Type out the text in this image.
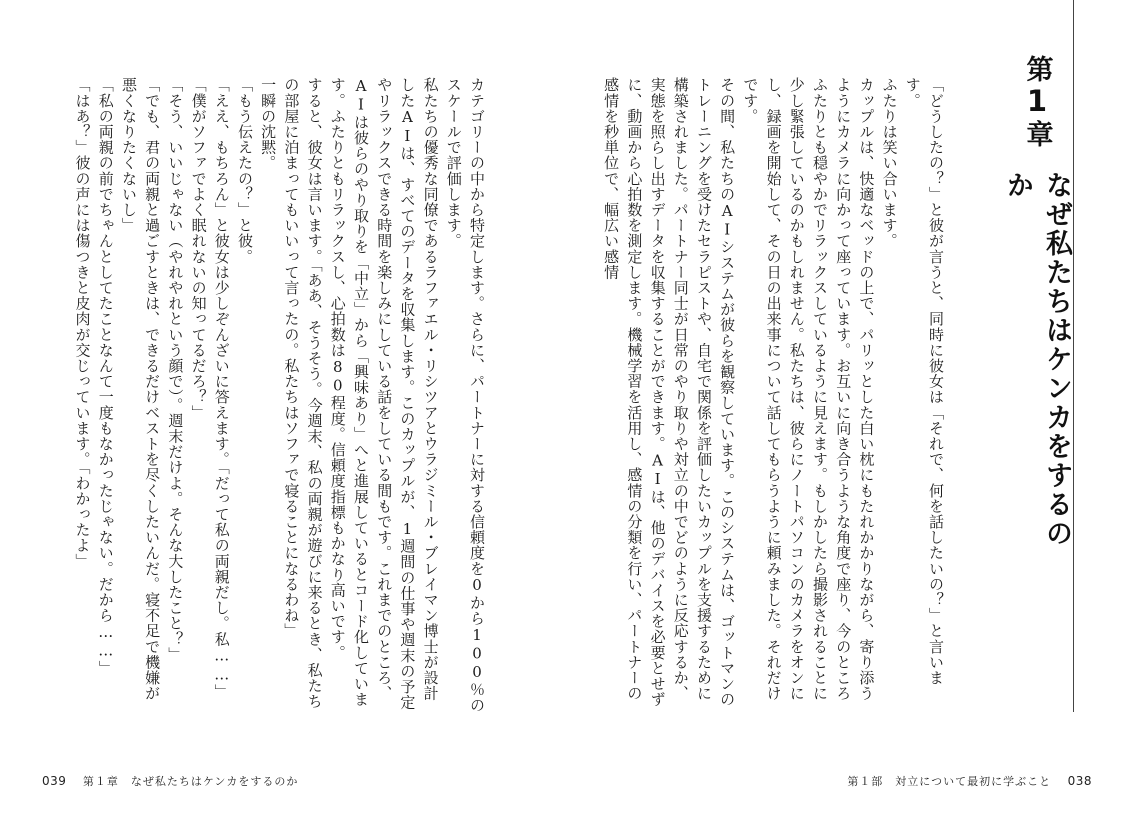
カテゴリーの中から特定します。さらに、パートナーに対する信頼度を0から100％のスケールで評価します。

私たちの優秀な同僚であるラファエル・リシツアとウラジミール・ブレイマン博士が設計したAIは、すべてのデータを収集します。このカップルが、1週間の仕事や週末の予定やリラックスできる時間を楽しみにしている話をしている間もです。これまでのところ、AIは彼らのやり取りを「中立」から「興味あり」へと進展しているとコード化しています。ふたりともリラックスし、心拍数は80程度。信頼度指標もかなり高いです。

すると、彼女は言います。「ああ、そうそう。今週末、私の両親が遊びに来るとき、私たちの部屋に泊まってもいいって言ったの。私たちはソファで寝ることになるわね」

一瞬の沈黙。

「もう伝えたの？」と彼。

「ええ、もちろん」と彼女は少しぞんざいに答えます。「だって私の両親だし。私……」

「僕がソファでよく眠れないの知ってるだろ？」

「そう、いいじゃない（やれやれという顔で）。週末だけよ。そんな大したこと？」

「でも、君の両親と過ごすときは、できるだけベストを尽くしたいんだ。寝不足で機嫌が悪くなりたくないし」

「私の両親の前でちゃんとしてたことなんて一度もなかったじゃない。だから……」

「はあ？」彼の声には傷つきと皮肉が交じっています。「わかったよ」

039 第１章　なぜ私たちはケンカをするのか

「どうしたの？」と彼が言うと、同時に彼女は「それで、何を話したいの？」と言います。

ふたりは笑い合います。

カップルは、快適なベッドの上で、パリッとした白い枕にもたれかかりながら、寄り添うようにカメラに向かって座っています。お互いに向き合うような角度で座り、今のところふたりとも穏やかでリラックスしているように見えます。もしかしたら撮影されることに少し緊張しているのかもしれません。私たちは、彼らにノートパソコンのカメラをオンにし、録画を開始して、その日の出来事について話してもらうように頼みました。それだけです。

その間、私たちのAIシステムが彼らを観察しています。このシステムは、ゴットマンのトレーニングを受けたセラピストや、自宅で関係を評価したいカップルを支援するために構築されました。パートナー同士が日常のやり取りや対立の中でどのように反応するか、実態を照らし出すデータを収集することができます。AIは、他のデバイスを必要とせずに、動画から心拍数を測定します。機械学習を活用し、感情の分類を行い、パートナーの感情を秒単位で、幅広い感情

第
1
章
なぜ私たちはケンカをするのか
第１部　対立について最初に学ぶこと 038
